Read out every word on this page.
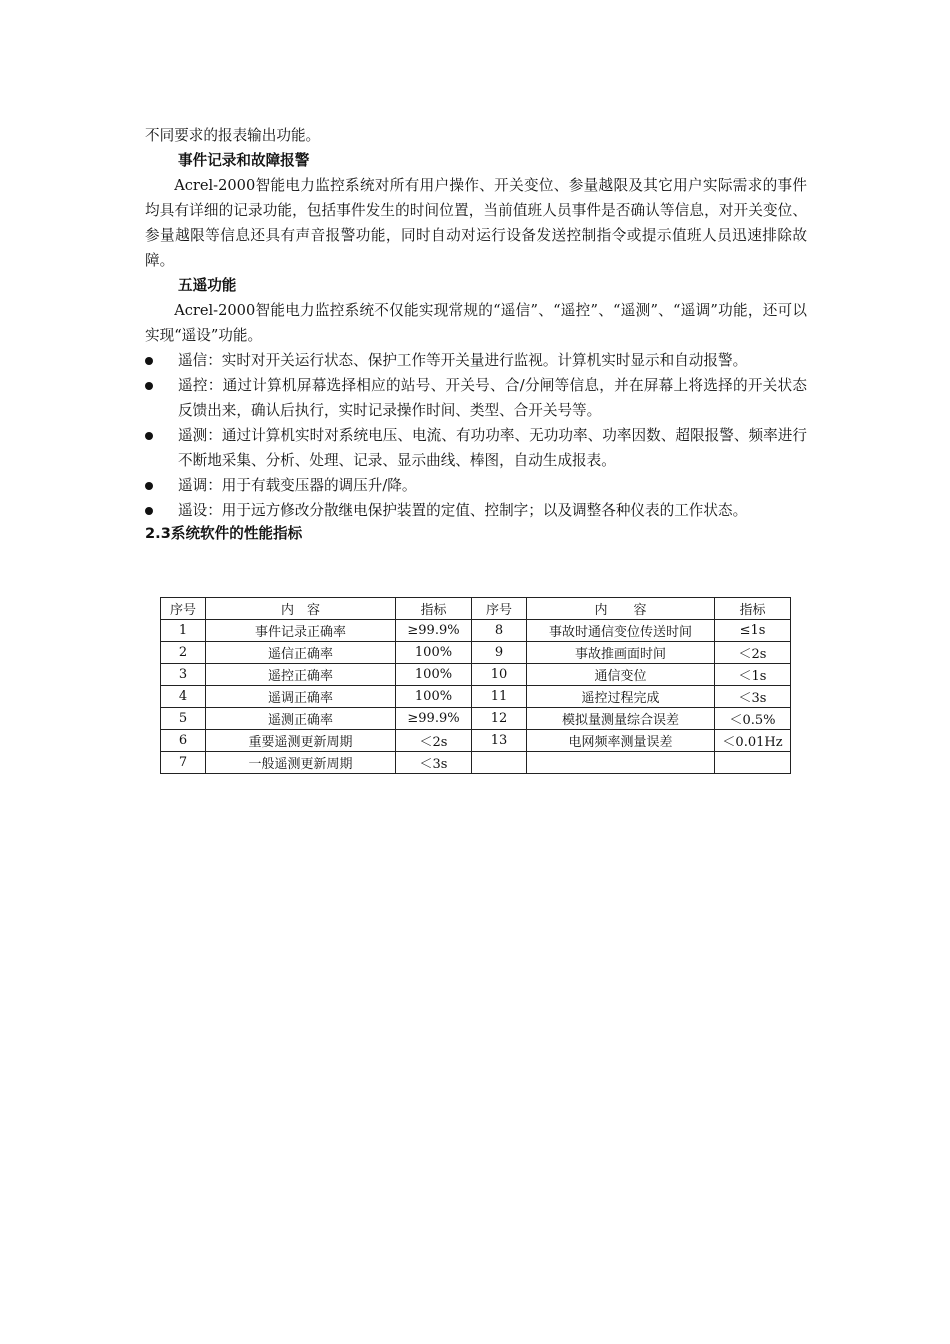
不同要求的报表输出功能。

事件记录和故障报警

Acrel-2000智能电力监控系统对所有用户操作、开关变位、参量越限及其它用户实际需求的事件均具有详细的记录功能，包括事件发生的时间位置，当前值班人员事件是否确认等信息，对开关变位、参量越限等信息还具有声音报警功能，同时自动对运行设备发送控制指令或提示值班人员迅速排除故障。

五遥功能

Acrel-2000智能电力监控系统不仅能实现常规的“遥信”、“遥控”、“遥测”、“遥调”功能，还可以实现“遥设”功能。

遥信：实时对开关运行状态、保护工作等开关量进行监视。计算机实时显示和自动报警。
遥控：通过计算机屏幕选择相应的站号、开关号、合/分闸等信息，并在屏幕上将选择的开关状态反馈出来，确认后执行，实时记录操作时间、类型、合开关号等。
遥测：通过计算机实时对系统电压、电流、有功功率、无功功率、功率因数、超限报警、频率进行不断地采集、分析、处理、记录、显示曲线、棒图，自动生成报表。
遥调：用于有载变压器的调压升/降。
遥设：用于远方修改分散继电保护装置的定值、控制字；以及调整各种仪表的工作状态。

2.3系统软件的性能指标

序号	内　容	指标	序号	内　　容	指标
1	事件记录正确率	≥99.9%	8	事故时通信变位传送时间	≤1s
2	遥信正确率	100%	9	事故推画面时间	＜2s
3	遥控正确率	100%	10	通信变位	＜1s
4	遥调正确率	100%	11	遥控过程完成	＜3s
5	遥测正确率	≥99.9%	12	模拟量测量综合误差	＜0.5%
6	重要遥测更新周期	＜2s	13	电网频率测量误差	＜0.01Hz
7	一般遥测更新周期	＜3s			
